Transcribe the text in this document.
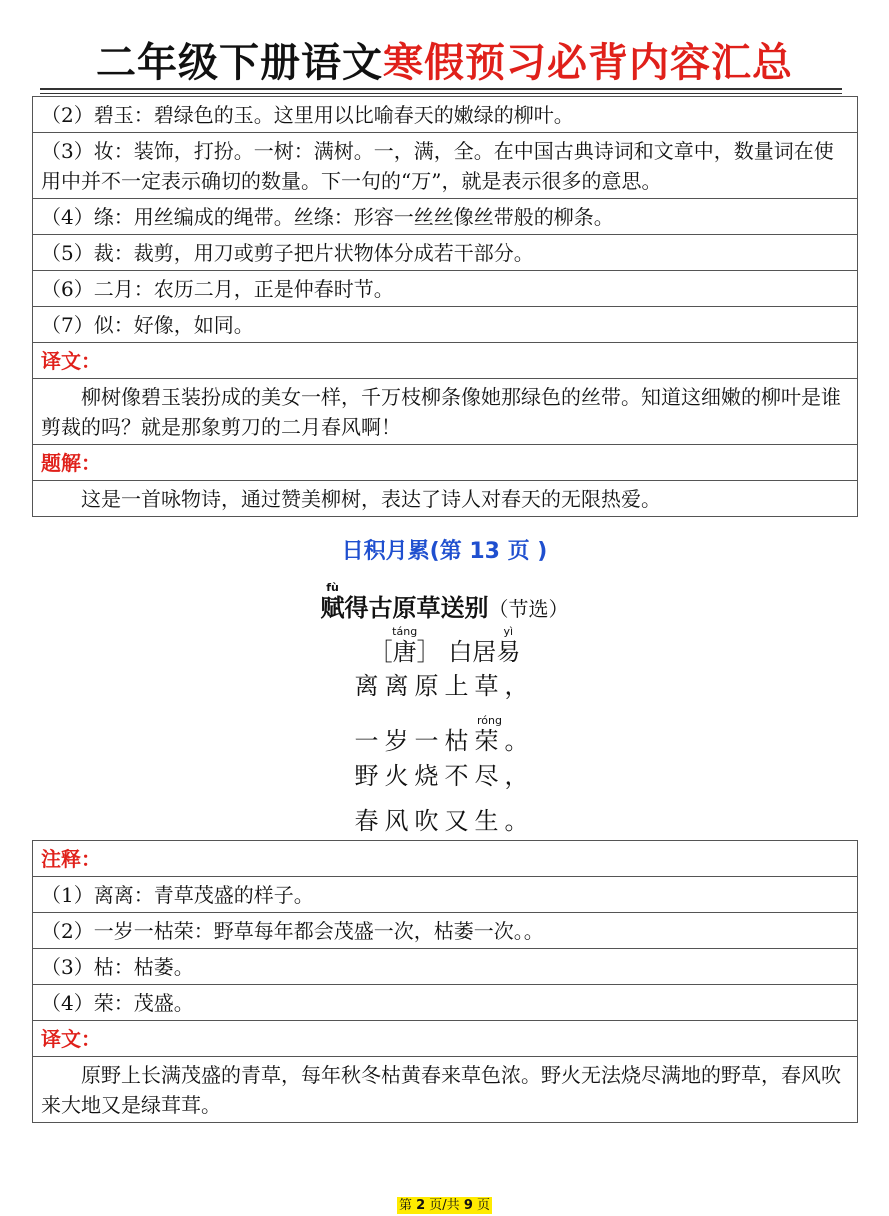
二年级下册语文寒假预习必背内容汇总
（2）碧玉：碧绿色的玉。这里用以比喻春天的嫩绿的柳叶。
（3）妆：装饰，打扮。一树：满树。一，满，全。在中国古典诗词和文章中，数量词在使用中并不一定表示确切的数量。下一句的“万”，就是表示很多的意思。
（4）绦：用丝编成的绳带。丝绦：形容一丝丝像丝带般的柳条。
（5）裁：裁剪，用刀或剪子把片状物体分成若干部分。
（6）二月：农历二月，正是仲春时节。
（7）似：好像，如同。
译文：
柳树像碧玉装扮成的美女一样，千万枝柳条像她那绿色的丝带。知道这细嫩的柳叶是谁剪裁的吗？就是那象剪刀的二月春风啊！
题解：
这是一首咏物诗，通过赞美柳树，表达了诗人对春天的无限热爱。
日积月累(第 13 页 )
赋fù得古原草送别（节选）
［唐táng］ 白居易yì
离离原上草，
一岁一枯荣róng。
野火烧不尽，
春风吹又生。
注释：
（1）离离：青草茂盛的样子。
（2）一岁一枯荣：野草每年都会茂盛一次，枯萎一次。。
（3）枯：枯萎。
（4）荣：茂盛。
译文：
原野上长满茂盛的青草，每年秋冬枯黄春来草色浓。野火无法烧尽满地的野草，春风吹来大地又是绿茸茸。
第 2 页/共 9 页
